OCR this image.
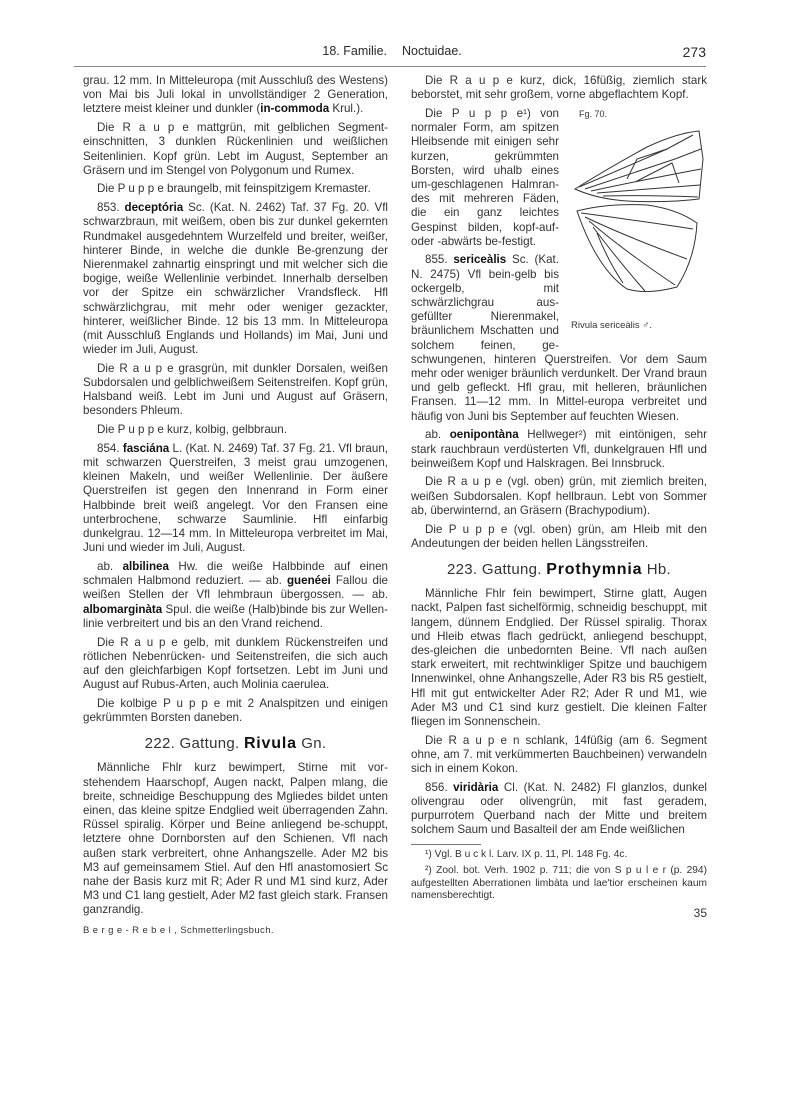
18. Familie. Noctuidae.	273

grau. 12 mm. In Mitteleuropa (mit Ausschluß des Westens) von Mai bis Juli lokal in unvollständiger 2 Generation, letztere meist kleiner und dunkler (in-commoda Krul.).

Die R a u p e mattgrün, mit gelblichen Segment-einschnitten, 3 dunklen Rückenlinien und weißlichen Seitenlinien. Kopf grün. Lebt im August, September an Gräsern und im Stengel von Polygonum und Rumex.

Die P u p p e braungelb, mit feinspitzigem Kremaster.

853. deceptória Sc. (Kat. N. 2462) Taf. 37 Fg. 20. Vfl schwarzbraun, mit weißem, oben bis zur dunkel gekernten Rundmakel ausgedehntem Wurzelfeld und breiter, weißer, hinterer Binde, in welche die dunkle Be-grenzung der Nierenmakel zahnartig einspringt und mit welcher sich die bogige, weiße Wellenlinie verbindet. Innerhalb derselben vor der Spitze ein schwärzlicher Vrandsfleck. Hfl schwärzlichgrau, mit mehr oder weniger gezackter, hinterer, weißlicher Binde. 12 bis 13 mm. In Mitteleuropa (mit Ausschluß Englands und Hollands) im Mai, Juni und wieder im Juli, August.

Die R a u p e grasgrün, mit dunkler Dorsalen, weißen Subdorsalen und gelblichweißem Seitenstreifen. Kopf grün, Halsband weiß. Lebt im Juni und August auf Gräsern, besonders Phleum.

Die P u p p e kurz, kolbig, gelbbraun.

854. fasciána L. (Kat. N. 2469) Taf. 37 Fg. 21. Vfl braun, mit schwarzen Querstreifen, 3 meist grau umzogenen, kleinen Makeln, und weißer Wellenlinie. Der äußere Querstreifen ist gegen den Innenrand in Form einer Halbbinde breit weiß angelegt. Vor den Fransen eine unterbrochene, schwarze Saumlinie. Hfl einfarbig dunkelgrau. 12—14 mm. In Mitteleuropa verbreitet im Mai, Juni und wieder im Juli, August.

ab. albilinea Hw. die weiße Halbbinde auf einen schmalen Halbmond reduziert. — ab. guenéei Fallou die weißen Stellen der Vfl lehmbraun übergossen. — ab. albomarginàta Spul. die weiße (Halb)binde bis zur Wellen-linie verbreitert und bis an den Vrand reichend.

Die R a u p e gelb, mit dunklem Rückenstreifen und rötlichen Nebenrücken- und Seitenstreifen, die sich auch auf den gleichfarbigen Kopf fortsetzen. Lebt im Juni und August auf Rubus-Arten, auch Molinia caerulea.

Die kolbige P u p p e mit 2 Analspitzen und einigen gekrümmten Borsten daneben.

222. Gattung. Rivula Gn.

Männliche Fhlr kurz bewimpert, Stirne mit vor-stehendem Haarschopf, Augen nackt, Palpen mlang, die breite, schneidige Beschuppung des Mgliedes bildet unten einen, das kleine spitze Endglied weit überragenden Zahn. Rüssel spiralig. Körper und Beine anliegend be-schuppt, letztere ohne Dornborsten auf den Schienen. Vfl nach außen stark verbreitert, ohne Anhangszelle. Ader M2 bis M3 auf gemeinsamem Stiel. Auf den Hfl anastomosiert Sc nahe der Basis kurz mit R; Ader R und M1 sind kurz, Ader M3 und C1 lang gestielt, Ader M2 fast gleich stark. Fransen ganzrandig.

B e r g e - R e b e l , Schmetterlingsbuch.

Die R a u p e kurz, dick, 16füßig, ziemlich stark beborstet, mit sehr großem, vorne abgeflachtem Kopf.

Fg. 70.
Rivula sericeàlis ♂.

Die P u p p e¹) von normaler Form, am spitzen Hleibsende mit einigen sehr kurzen, gekrümmten Borsten, wird uhalb eines um-geschlagenen Halmran-des mit mehreren Fäden, die ein ganz leichtes Gespinst bilden, kopf-auf- oder -abwärts be-festigt.

855. sericeàlis Sc. (Kat. N. 2475) Vfl bein-gelb bis ockergelb, mit schwärzlichgrau aus-gefüllter Nierenmakel, bräunlichem Mschatten und solchem feinen, ge-schwungenen, hinteren Querstreifen. Vor dem Saum mehr oder weniger bräunlich verdunkelt. Der Vrand braun und gelb gefleckt. Hfl grau, mit helleren, bräunlichen Fransen. 11—12 mm. In Mittel-europa verbreitet und häufig von Juni bis September auf feuchten Wiesen.

ab. oenipontàna Hellweger²) mit eintönigen, sehr stark rauchbraun verdüsterten Vfl, dunkelgrauen Hfl und beinweißem Kopf und Halskragen. Bei Innsbruck.

Die R a u p e (vgl. oben) grün, mit ziemlich breiten, weißen Subdorsalen. Kopf hellbraun. Lebt von Sommer ab, überwinternd, an Gräsern (Brachypodium).

Die P u p p e (vgl. oben) grün, am Hleib mit den Andeutungen der beiden hellen Längsstreifen.

223. Gattung. Prothymnia Hb.

Männliche Fhlr fein bewimpert, Stirne glatt, Augen nackt, Palpen fast sichelförmig, schneidig beschuppt, mit langem, dünnem Endglied. Der Rüssel spiralig. Thorax und Hleib etwas flach gedrückt, anliegend beschuppt, des-gleichen die unbedornten Beine. Vfl nach außen stark erweitert, mit rechtwinkliger Spitze und bauchigem Innenwinkel, ohne Anhangszelle, Ader R3 bis R5 gestielt, Hfl mit gut entwickelter Ader R2; Ader R und M1, wie Ader M3 und C1 sind kurz gestielt. Die kleinen Falter fliegen im Sonnenschein.

Die R a u p e n schlank, 14füßig (am 6. Segment ohne, am 7. mit verkümmerten Bauchbeinen) verwandeln sich in einem Kokon.

856. viridària Cl. (Kat. N. 2482) Fl glanzlos, dunkel olivengrau oder olivengrün, mit fast geradem, purpurrotem Querband nach der Mitte und breitem solchem Saum und Basalteil der am Ende weißlichen

¹) Vgl. B u c k l. Larv. IX p. 11, Pl. 148 Fg. 4c.

²) Zool. bot. Verh. 1902 p. 711; die von S p u l e r (p. 294) aufgestellten Aberrationen limbàta und lae'tior erscheinen kaum namensberechtigt.

35
